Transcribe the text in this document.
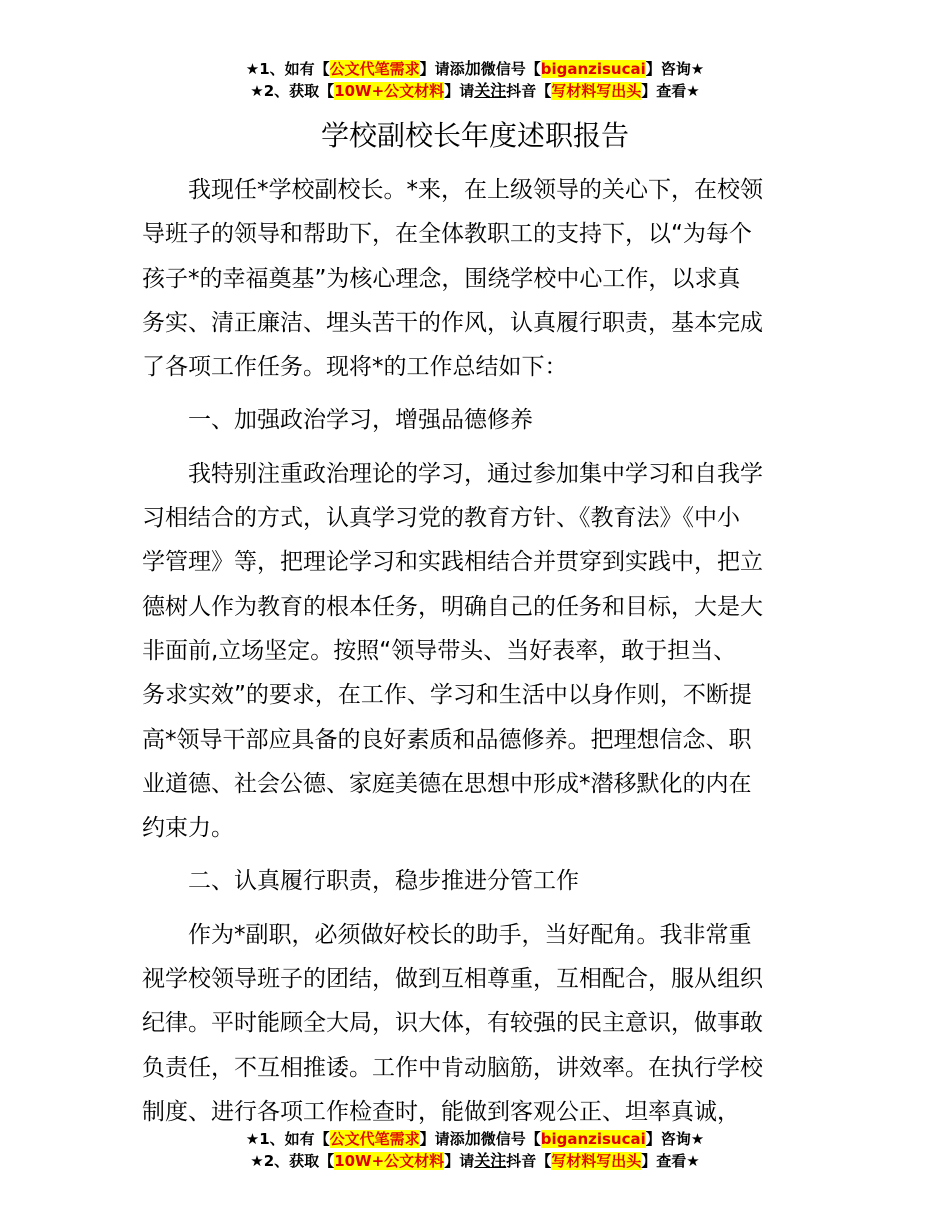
★1、如有【公文代笔需求】请添加微信号【biganzisucai】咨询★
★2、获取【10W+公文材料】请关注抖音【写材料写出头】查看★
学校副校长年度述职报告
我现任*学校副校长。*来，在上级领导的关心下，在校领
导班子的领导和帮助下，在全体教职工的支持下，以“为每个
孩子*的幸福奠基”为核心理念，围绕学校中心工作，以求真
务实、清正廉洁、埋头苦干的作风，认真履行职责，基本完成
了各项工作任务。现将*的工作总结如下：
一、加强政治学习，增强品德修养
我特别注重政治理论的学习，通过参加集中学习和自我学
习相结合的方式，认真学习党的教育方针、《教育法》《中小
学管理》等，把理论学习和实践相结合并贯穿到实践中，把立
德树人作为教育的根本任务，明确自己的任务和目标，大是大
非面前,立场坚定。按照“领导带头、当好表率，敢于担当、
务求实效”的要求，在工作、学习和生活中以身作则，不断提
高*领导干部应具备的良好素质和品德修养。把理想信念、职
业道德、社会公德、家庭美德在思想中形成*潜移默化的内在
约束力。
二、认真履行职责，稳步推进分管工作
作为*副职，必须做好校长的助手，当好配角。我非常重
视学校领导班子的团结，做到互相尊重，互相配合，服从组织
纪律。平时能顾全大局，识大体，有较强的民主意识，做事敢
负责任，不互相推诿。工作中肯动脑筋，讲效率。在执行学校
制度、进行各项工作检查时，能做到客观公正、坦率真诚，
★1、如有【公文代笔需求】请添加微信号【biganzisucai】咨询★
★2、获取【10W+公文材料】请关注抖音【写材料写出头】查看★
